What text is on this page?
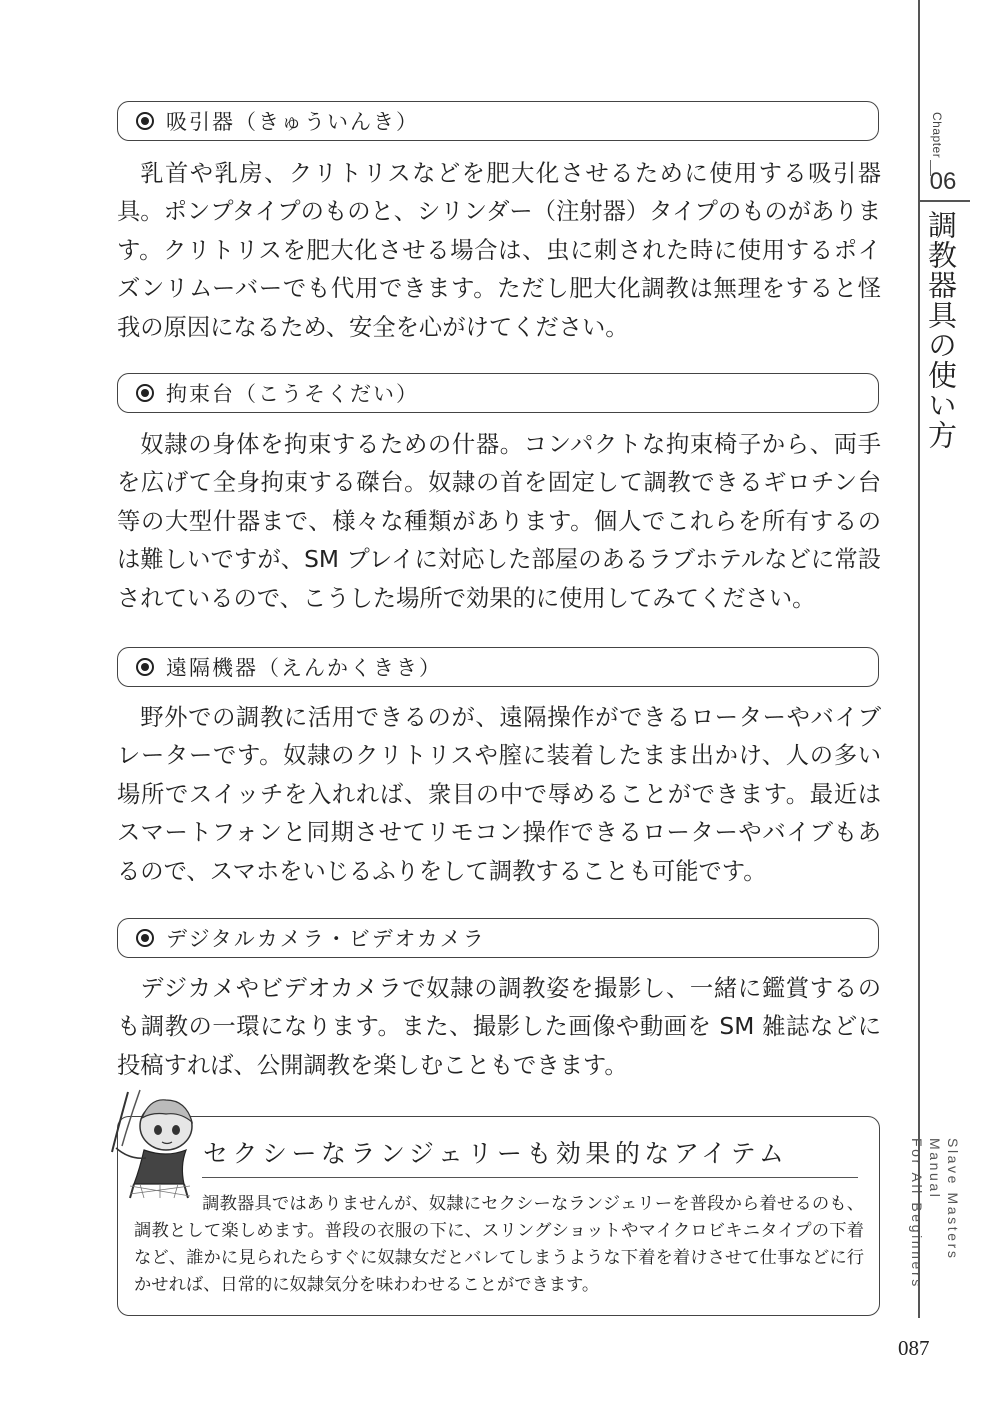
Chapter
06
調教器具の使い方
Slave Masters Manual
For All Beginners
087
吸引器（きゅういんき）

乳首や乳房、クリトリスなどを肥大化させるために使用する吸引器具。ポンプタイプのものと、シリンダー（注射器）タイプのものがあります。クリトリスを肥大化させる場合は、虫に刺された時に使用するポイズンリムーバーでも代用できます。ただし肥大化調教は無理をすると怪我の原因になるため、安全を心がけてください。

拘束台（こうそくだい）

奴隷の身体を拘束するための什器。コンパクトな拘束椅子から、両手を広げて全身拘束する磔台。奴隷の首を固定して調教できるギロチン台等の大型什器まで、様々な種類があります。個人でこれらを所有するのは難しいですが、SM プレイに対応した部屋のあるラブホテルなどに常設されているので、こうした場所で効果的に使用してみてください。

遠隔機器（えんかくきき）

野外での調教に活用できるのが、遠隔操作ができるローターやバイブレーターです。奴隷のクリトリスや膣に装着したまま出かけ、人の多い場所でスイッチを入れれば、衆目の中で辱めることができます。最近はスマートフォンと同期させてリモコン操作できるローターやバイブもあるので、スマホをいじるふりをして調教することも可能です。

デジタルカメラ・ビデオカメラ

デジカメやビデオカメラで奴隷の調教姿を撮影し、一緒に鑑賞するのも調教の一環になります。また、撮影した画像や動画を SM 雑誌などに投稿すれば、公開調教を楽しむこともできます。

セクシーなランジェリーも効果的なアイテム

調教器具ではありませんが、奴隷にセクシーなランジェリーを普段から着せるのも、調教として楽しめます。普段の衣服の下に、スリングショットやマイクロビキニタイプの下着など、誰かに見られたらすぐに奴隷女だとバレてしまうような下着を着けさせて仕事などに行かせれば、日常的に奴隷気分を味わわせることができます。
